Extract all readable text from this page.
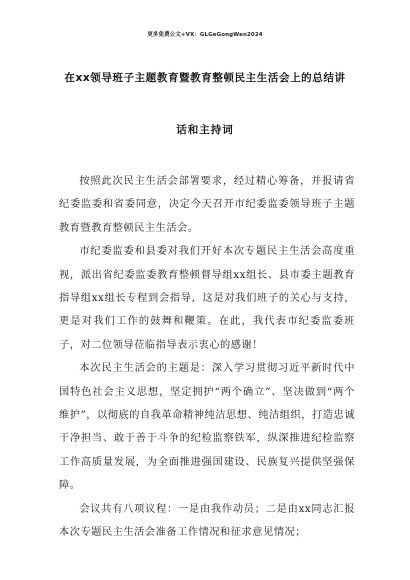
更多免费公文+VX：GLGeGongWen2024
在xx领导班子主题教育暨教育整顿民主生活会上的总结讲
话和主持词

按照此次民主生活会部署要求，经过精心筹备，并报请省纪委监委和省委同意，决定今天召开市纪委监委领导班子主题教育暨教育整顿民主生活会。

市纪委监委和县委对我们开好本次专题民主生活会高度重视，派出省纪委监委教育整顿督导组xx组长、县市委主题教育指导组xx组长专程到会指导，这是对我们班子的关心与支持，更是对我们工作的鼓舞和鞭策。在此，我代表市纪委监委班子，对二位领导莅临指导表示衷心的感谢！

本次民主生活会的主题是：深入学习贯彻习近平新时代中国特色社会主义思想，坚定拥护“两个确立”、坚决做到“两个维护”，以彻底的自我革命精神纯洁思想、纯洁组织，打造忠诚干净担当、敢于善于斗争的纪检监察铁军，纵深推进纪检监察工作高质量发展，为全面推进强国建设、民族复兴提供坚强保障。

会议共有八项议程：一是由我作动员；二是由xx同志汇报本次专题民主生活会准备工作情况和征求意见情况；
